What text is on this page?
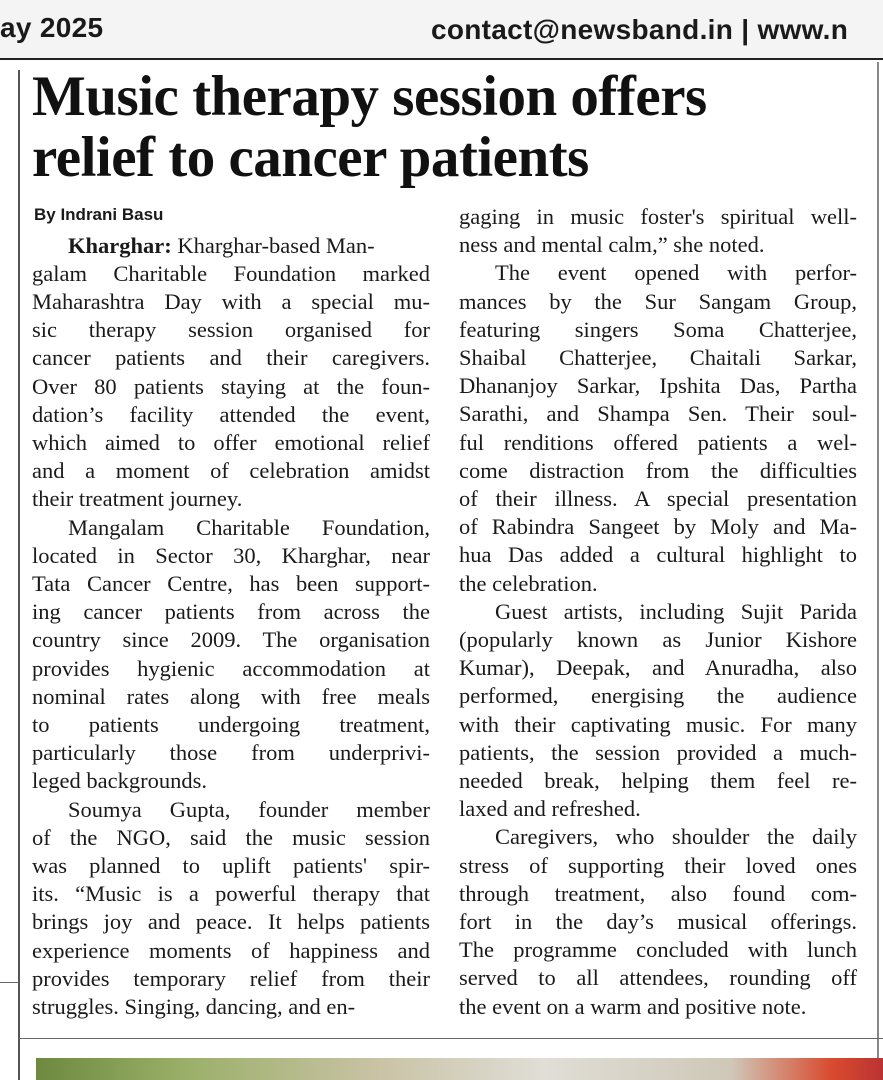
ay 2025	contact@newsband.in | www.n
Music therapy session offers
relief to cancer patients
By Indrani Basu
Kharghar: Kharghar-based Man-
galam Charitable Foundation marked
Maharashtra Day with a special mu-
sic therapy session organised for
cancer patients and their caregivers.
Over 80 patients staying at the foun-
dation’s facility attended the event,
which aimed to offer emotional relief
and a moment of celebration amidst
their treatment journey.
Mangalam Charitable Foundation,
located in Sector 30, Kharghar, near
Tata Cancer Centre, has been support-
ing cancer patients from across the
country since 2009. The organisation
provides hygienic accommodation at
nominal rates along with free meals
to patients undergoing treatment,
particularly those from underprivi-
leged backgrounds.
Soumya Gupta, founder member
of the NGO, said the music session
was planned to uplift patients' spir-
its. “Music is a powerful therapy that
brings joy and peace. It helps patients
experience moments of happiness and
provides temporary relief from their
struggles. Singing, dancing, and en-
gaging in music foster's spiritual well-
ness and mental calm,” she noted.
The event opened with perfor-
mances by the Sur Sangam Group,
featuring singers Soma Chatterjee,
Shaibal Chatterjee, Chaitali Sarkar,
Dhananjoy Sarkar, Ipshita Das, Partha
Sarathi, and Shampa Sen. Their soul-
ful renditions offered patients a wel-
come distraction from the difficulties
of their illness. A special presentation
of Rabindra Sangeet by Moly and Ma-
hua Das added a cultural highlight to
the celebration.
Guest artists, including Sujit Parida
(popularly known as Junior Kishore
Kumar), Deepak, and Anuradha, also
performed, energising the audience
with their captivating music. For many
patients, the session provided a much-
needed break, helping them feel re-
laxed and refreshed.
Caregivers, who shoulder the daily
stress of supporting their loved ones
through treatment, also found com-
fort in the day’s musical offerings.
The programme concluded with lunch
served to all attendees, rounding off
the event on a warm and positive note.
